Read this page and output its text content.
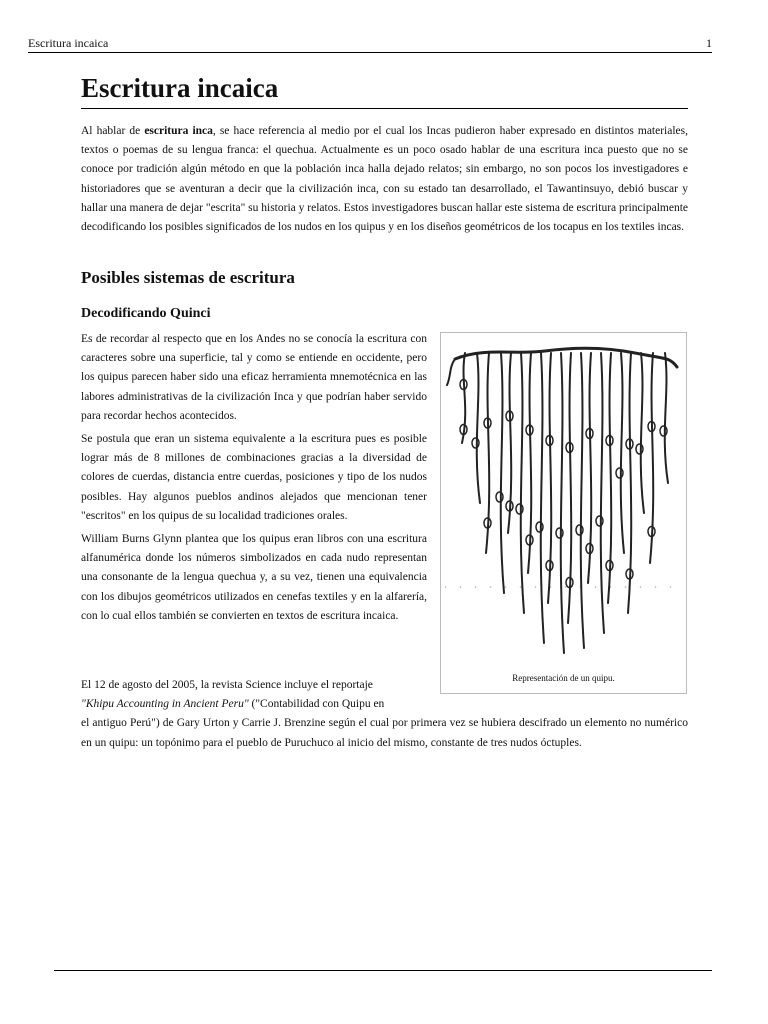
Escritura incaica	1
Escritura incaica

Al hablar de escritura inca, se hace referencia al medio por el cual los Incas pudieron haber expresado en distintos materiales, textos o poemas de su lengua franca: el quechua. Actualmente es un poco osado hablar de una escritura inca puesto que no se conoce por tradición algún método en que la población inca halla dejado relatos; sin embargo, no son pocos los investigadores e historiadores que se aventuran a decir que la civilización inca, con su estado tan desarrollado, el Tawantinsuyo, debió buscar y hallar una manera de dejar "escrita" su historia y relatos. Estos investigadores buscan hallar este sistema de escritura principalmente decodificando los posibles significados de los nudos en los quipus y en los diseños geométricos de los tocapus en los textiles incas.

Posibles sistemas de escritura
Decodificando Quinci

Es de recordar al respecto que en los Andes no se conocía la escritura con caracteres sobre una superficie, tal y como se entiende en occidente, pero los quipus parecen haber sido una eficaz herramienta mnemotécnica en las labores administrativas de la civilización Inca y que podrían haber servido para recordar hechos acontecidos.

Se postula que eran un sistema equivalente a la escritura pues es posible lograr más de 8 millones de combinaciones gracias a la diversidad de colores de cuerdas, distancia entre cuerdas, posiciones y tipo de los nudos posibles. Hay algunos pueblos andinos alejados que mencionan tener "escritos" en los quipus de su localidad tradiciones orales.

William Burns Glynn plantea que los quipus eran libros con una escritura alfanumérica donde los números simbolizados en cada nudo representan una consonante de la lengua quechua y, a su vez, tienen una equivalencia con los dibujos geométricos utilizados en cenefas textiles y en la alfarería, con lo cual ellos también se convierten en textos de escritura incaica.

Representación de un quipu.

El 12 de agosto del 2005, la revista Science incluye el reportaje
"Khipu Accounting in Ancient Peru" ("Contabilidad con Quipu en

el antiguo Perú") de Gary Urton y Carrie J. Brenzine según el cual por primera vez se hubiera descifrado un elemento no numérico en un quipu: un topónimo para el pueblo de Puruchuco al inicio del mismo, constante de tres nudos óctuples.
